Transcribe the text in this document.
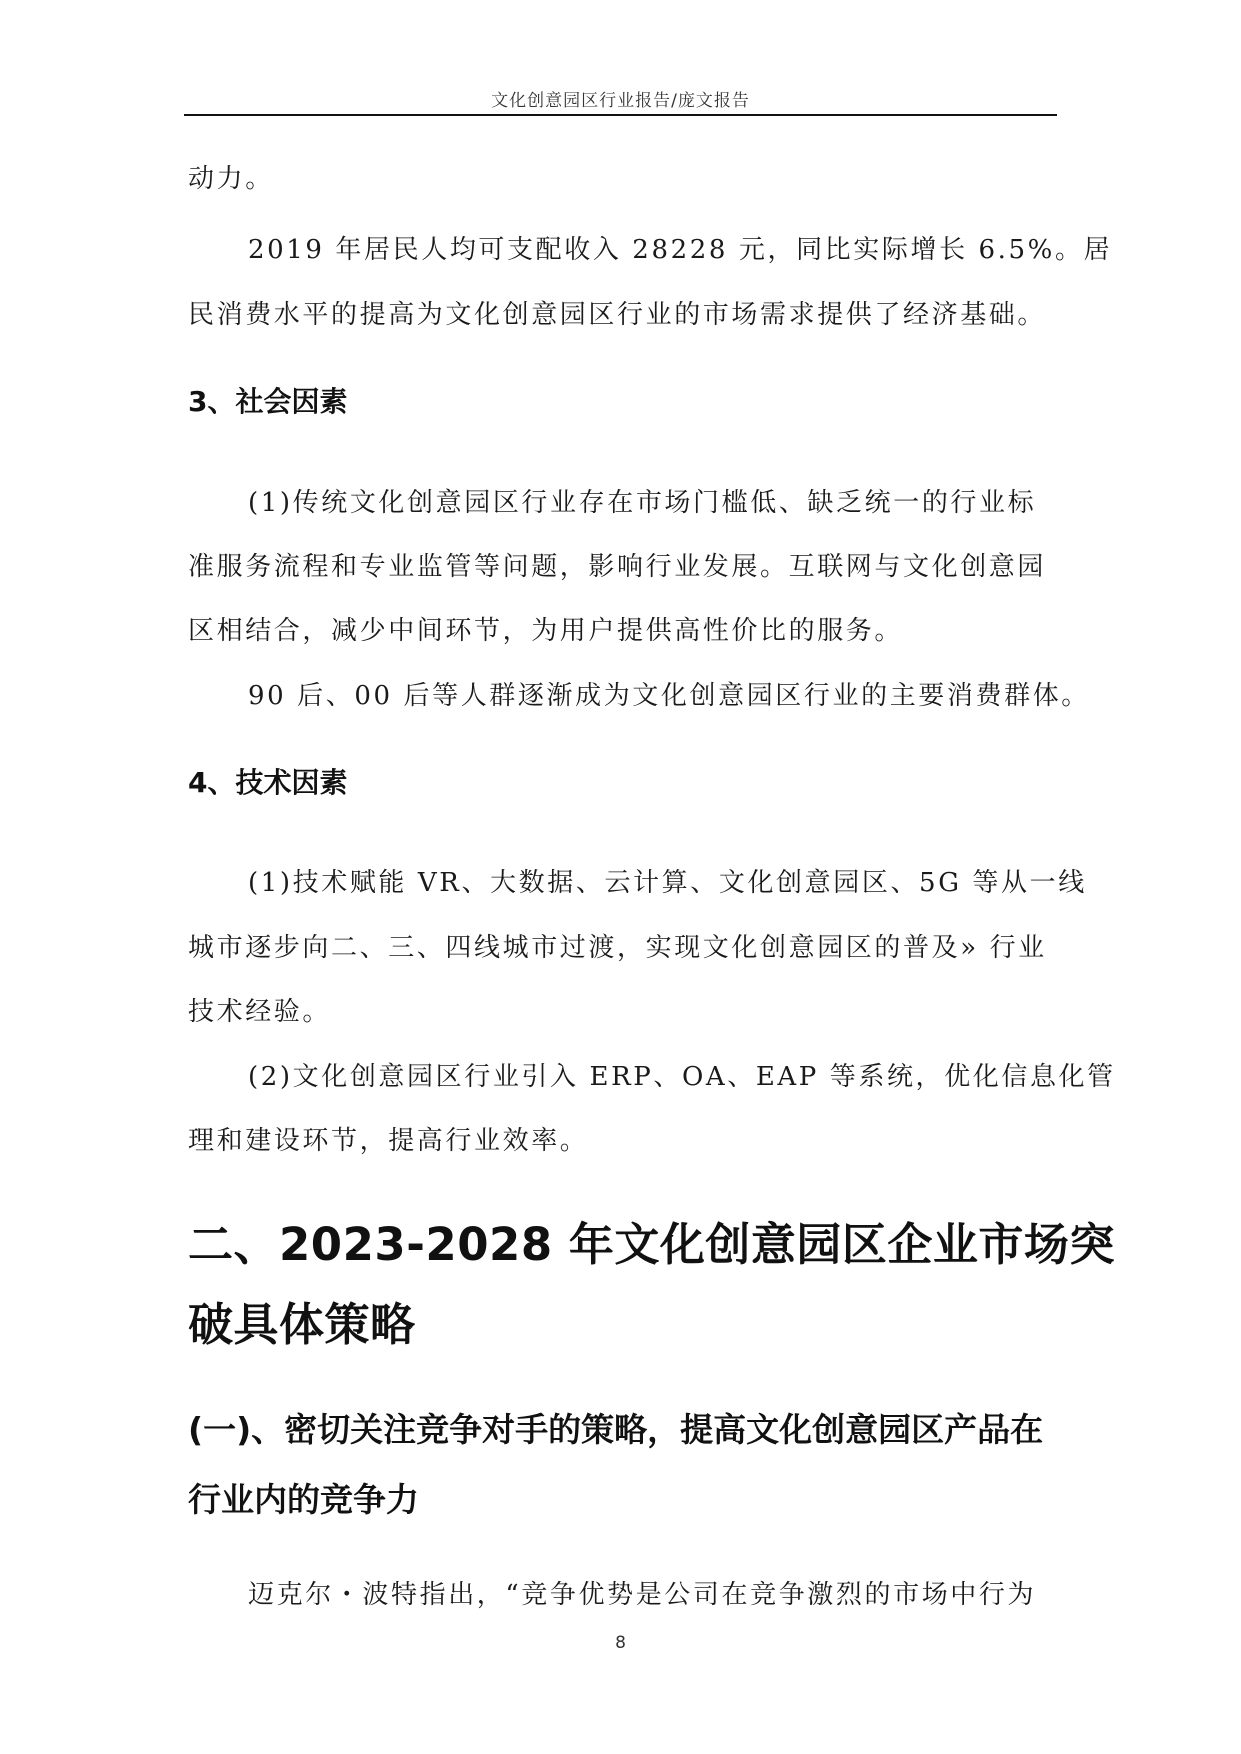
文化创意园区行业报告/庞文报告

动力。

2019 年居民人均可支配收入 28228 元，同比实际增长 6.5%。居

民消费水平的提高为文化创意园区行业的市场需求提供了经济基础。

3、社会因素

(1)传统文化创意园区行业存在市场门槛低、缺乏统一的行业标

准服务流程和专业监管等问题，影响行业发展。互联网与文化创意园

区相结合，减少中间环节，为用户提供高性价比的服务。

90 后、00 后等人群逐渐成为文化创意园区行业的主要消费群体。

4、技术因素

(1)技术赋能 VR、大数据、云计算、文化创意园区、5G 等从一线

城市逐步向二、三、四线城市过渡，实现文化创意园区的普及» 行业

技术经验。

(2)文化创意园区行业引入 ERP、OA、EAP 等系统，优化信息化管

理和建设环节，提高行业效率。

二、2023-2028 年文化创意园区企业市场突
破具体策略
(一)、密切关注竞争对手的策略，提高文化创意园区产品在
行业内的竞争力

迈克尔・波特指出，“竞争优势是公司在竞争激烈的市场中行为

8
